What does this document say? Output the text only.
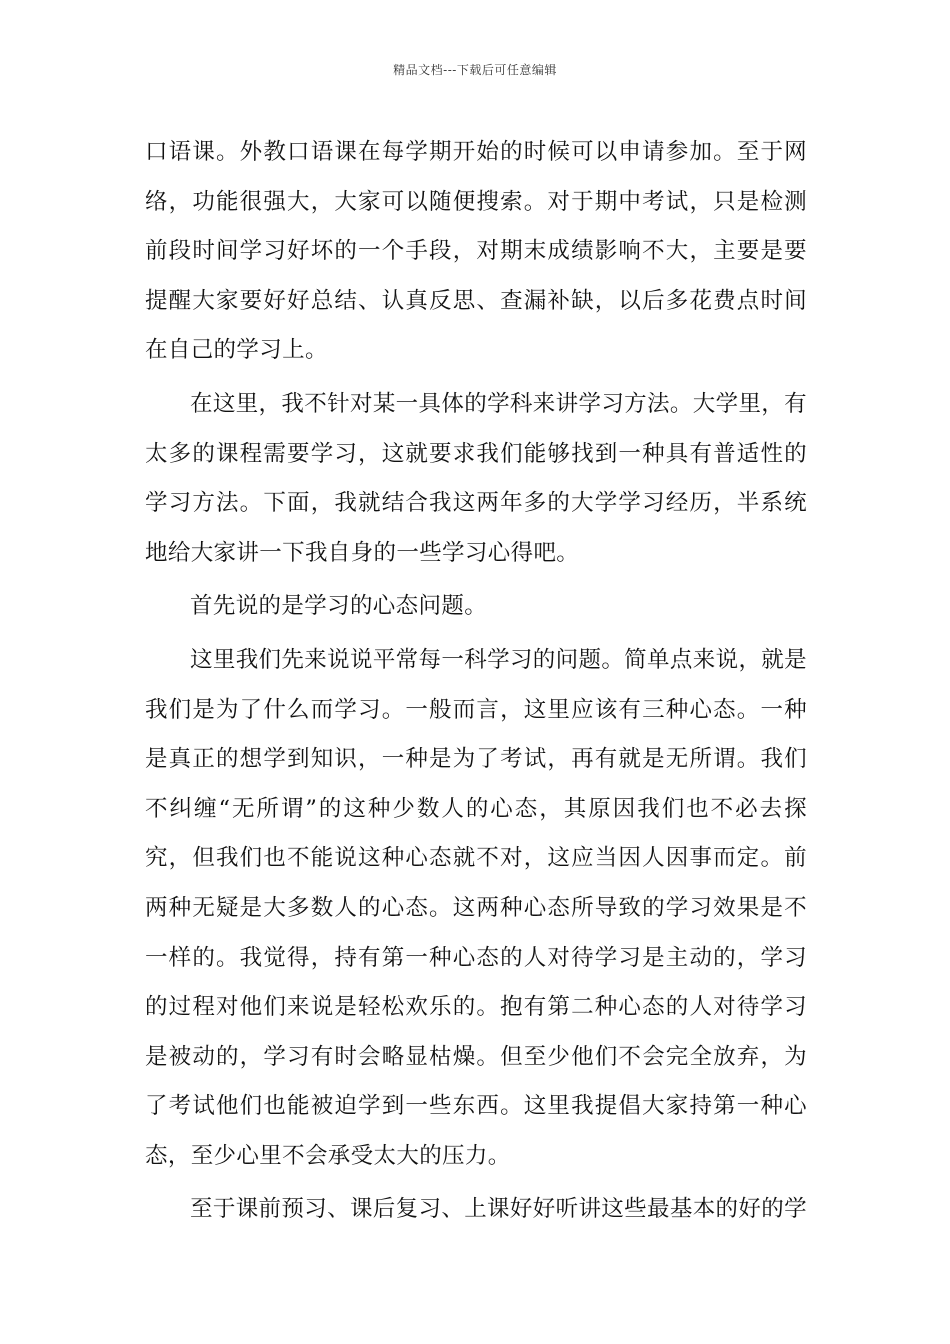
精品文档---下载后可任意编辑

口语课。外教口语课在每学期开始的时候可以申请参加。至于网络，功能很强大，大家可以随便搜索。对于期中考试，只是检测前段时间学习好坏的一个手段，对期末成绩影响不大，主要是要提醒大家要好好总结、认真反思、查漏补缺，以后多花费点时间在自己的学习上。

在这里，我不针对某一具体的学科来讲学习方法。大学里，有太多的课程需要学习，这就要求我们能够找到一种具有普适性的学习方法。下面，我就结合我这两年多的大学学习经历，半系统地给大家讲一下我自身的一些学习心得吧。

首先说的是学习的心态问题。

这里我们先来说说平常每一科学习的问题。简单点来说，就是我们是为了什么而学习。一般而言，这里应该有三种心态。一种是真正的想学到知识，一种是为了考试，再有就是无所谓。我们不纠缠“无所谓”的这种少数人的心态，其原因我们也不必去探究，但我们也不能说这种心态就不对，这应当因人因事而定。前两种无疑是大多数人的心态。这两种心态所导致的学习效果是不一样的。我觉得，持有第一种心态的人对待学习是主动的，学习的过程对他们来说是轻松欢乐的。抱有第二种心态的人对待学习是被动的，学习有时会略显枯燥。但至少他们不会完全放弃，为了考试他们也能被迫学到一些东西。这里我提倡大家持第一种心态，至少心里不会承受太大的压力。

至于课前预习、课后复习、上课好好听讲这些最基本的好的学
